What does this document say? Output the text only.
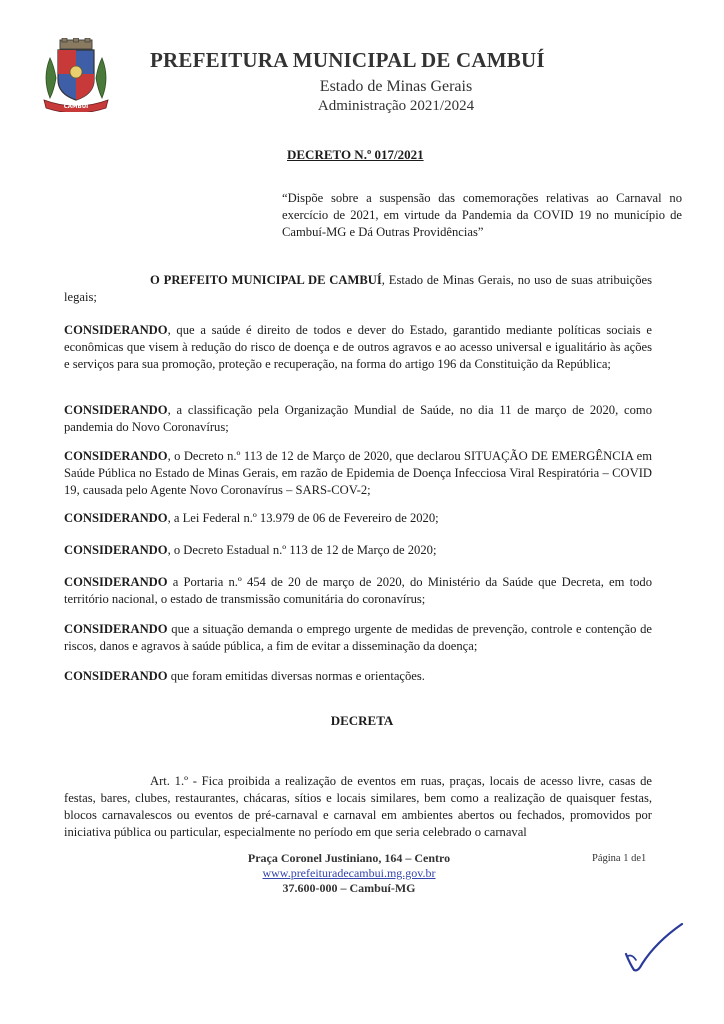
CAMBUÍ
PREFEITURA MUNICIPAL DE CAMBUÍ
Estado de Minas Gerais
Administração 2021/2024
DECRETO N.º 017/2021
“Dispõe sobre a suspensão das comemorações relativas ao Carnaval no exercício de 2021, em virtude da Pandemia da COVID 19 no município de Cambuí-MG e Dá Outras Providências”
O PREFEITO MUNICIPAL DE CAMBUÍ, Estado de Minas Gerais, no uso de suas atribuições legais;
CONSIDERANDO, que a saúde é direito de todos e dever do Estado, garantido mediante políticas sociais e econômicas que visem à redução do risco de doença e de outros agravos e ao acesso universal e igualitário às ações e serviços para sua promoção, proteção e recuperação, na forma do artigo 196 da Constituição da República;
CONSIDERANDO, a classificação pela Organização Mundial de Saúde, no dia 11 de março de 2020, como pandemia do Novo Coronavírus;
CONSIDERANDO, o Decreto n.º 113 de 12 de Março de 2020, que declarou SITUAÇÃO DE EMERGÊNCIA em Saúde Pública no Estado de Minas Gerais, em razão de Epidemia de Doença Infecciosa Viral Respiratória – COVID 19, causada pelo Agente Novo Coronavírus – SARS-COV-2;
CONSIDERANDO, a Lei Federal n.º 13.979 de 06 de Fevereiro de 2020;
CONSIDERANDO, o Decreto Estadual n.º 113 de 12 de Março de 2020;
CONSIDERANDO a Portaria n.º 454 de 20 de março de 2020, do Ministério da Saúde que Decreta, em todo território nacional, o estado de transmissão comunitária do coronavírus;
CONSIDERANDO que a situação demanda o emprego urgente de medidas de prevenção, controle e contenção de riscos, danos e agravos à saúde pública, a fim de evitar a disseminação da doença;
CONSIDERANDO que foram emitidas diversas normas e orientações.
DECRETA
Art. 1.º - Fica proibida a realização de eventos em ruas, praças, locais de acesso livre, casas de festas, bares, clubes, restaurantes, chácaras, sítios e locais similares, bem como a realização de quaisquer festas, blocos carnavalescos ou eventos de pré-carnaval e carnaval em ambientes abertos ou fechados, promovidos por iniciativa pública ou particular, especialmente no período em que seria celebrado o carnaval
Praça Coronel Justiniano, 164 – Centro
www.prefeituradecambui.mg.gov.br
37.600-000 – Cambuí-MG
Página 1 de1
